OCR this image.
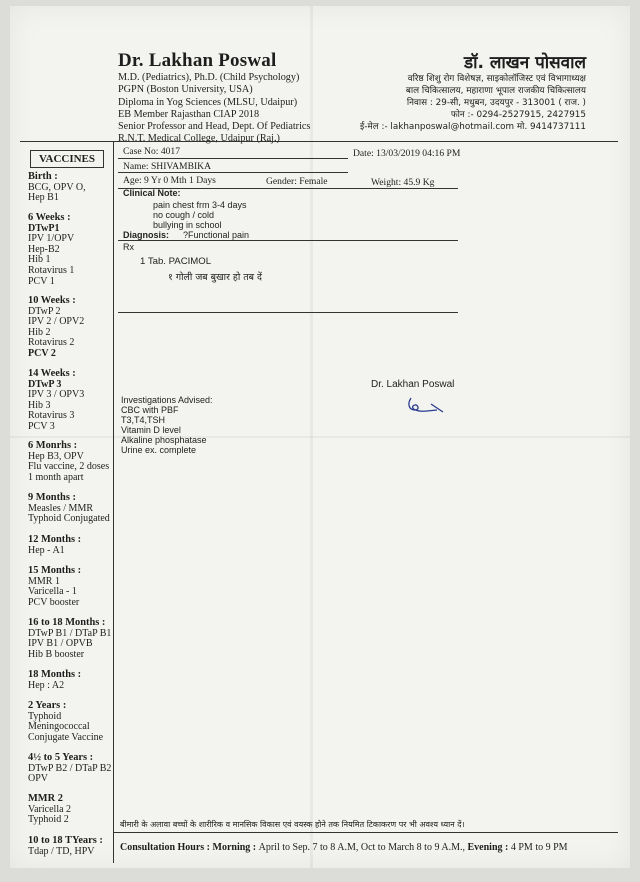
Dr. Lakhan Poswal
M.D. (Pediatrics), Ph.D. (Child Psychology)
PGPN (Boston University, USA)
Diploma in Yog Sciences (MLSU, Udaipur)
EB Member Rajasthan CIAP 2018
Senior Professor and Head, Dept. Of Pediatrics
R.N.T. Medical College, Udaipur (Raj.)
डॉ. लाखन पोसवाल
वरिष्ठ शिशु रोग विशेषज्ञ, साइकोलॉजिस्ट एवं विभागाध्यक्ष
बाल चिकित्सालय, महाराणा भूपाल राजकीय चिकित्सालय
निवास : 29-सी, मधुबन, उदयपुर - 313001 ( राज. )
फोन :- 0294-2527915, 2427915
ई-मेल :- lakhanposwal@hotmail.com मो. 9414737111
VACCINES
Birth :
BCG, OPV O,
Hep B1
6 Weeks :
DTwP1
IPV 1/OPV
Hep-B2
Hib 1
Rotavirus 1
PCV 1
10 Weeks :
DTwP 2
IPV 2 / OPV2
Hib 2
Rotavirus 2
PCV 2
14 Weeks :
DTwP 3
IPV 3 / OPV3
Hib 3
Rotavirus 3
PCV 3
6 Monrhs :
Hep B3, OPV
Flu vaccine, 2 doses
1 month apart
9 Months :
Measles / MMR
Typhoid Conjugated
12 Months :
Hep - A1
15 Months :
MMR 1
Varicella - 1
PCV booster
16 to 18 Months :
DTwP B1 / DTaP B1
IPV B1 / OPVB
Hib B booster
18 Months :
Hep : A2
2 Years :
Typhoid
Meningococcal
Conjugate Vaccine
4½ to 5 Years :
DTwP B2 / DTaP B2
OPV
MMR 2
Varicella 2
Typhoid 2
10 to 18 TYears :
Tdap / TD, HPV
Case No: 4017	Date: 13/03/2019 04:16 PM
Name: SHIVAMBIKA
Age: 9 Yr 0 Mth 1 Days	Gender: Female	Weight: 45.9 Kg
Clinical Note:
pain chest frm 3-4 days
no cough / cold
bullying in school
Diagnosis: ?Functional pain
Rx
1 Tab. PACIMOL
१ गोली जब बुखार हो तब दें
Dr. Lakhan Poswal
Investigations Advised:
CBC with PBF
T3,T4,TSH
Vitamin D level
Alkaline phosphatase
Urine ex. complete
बीमारी के अलावा बच्चों के शारीरिक व मानसिक विकास एवं वयस्क होने तक नियमित टिकाकरण पर भी अवश्य ध्यान दें।
Consultation Hours : Morning : April to Sep. 7 to 8 A.M, Oct to March 8 to 9 A.M., Evening : 4 PM to 9 PM
